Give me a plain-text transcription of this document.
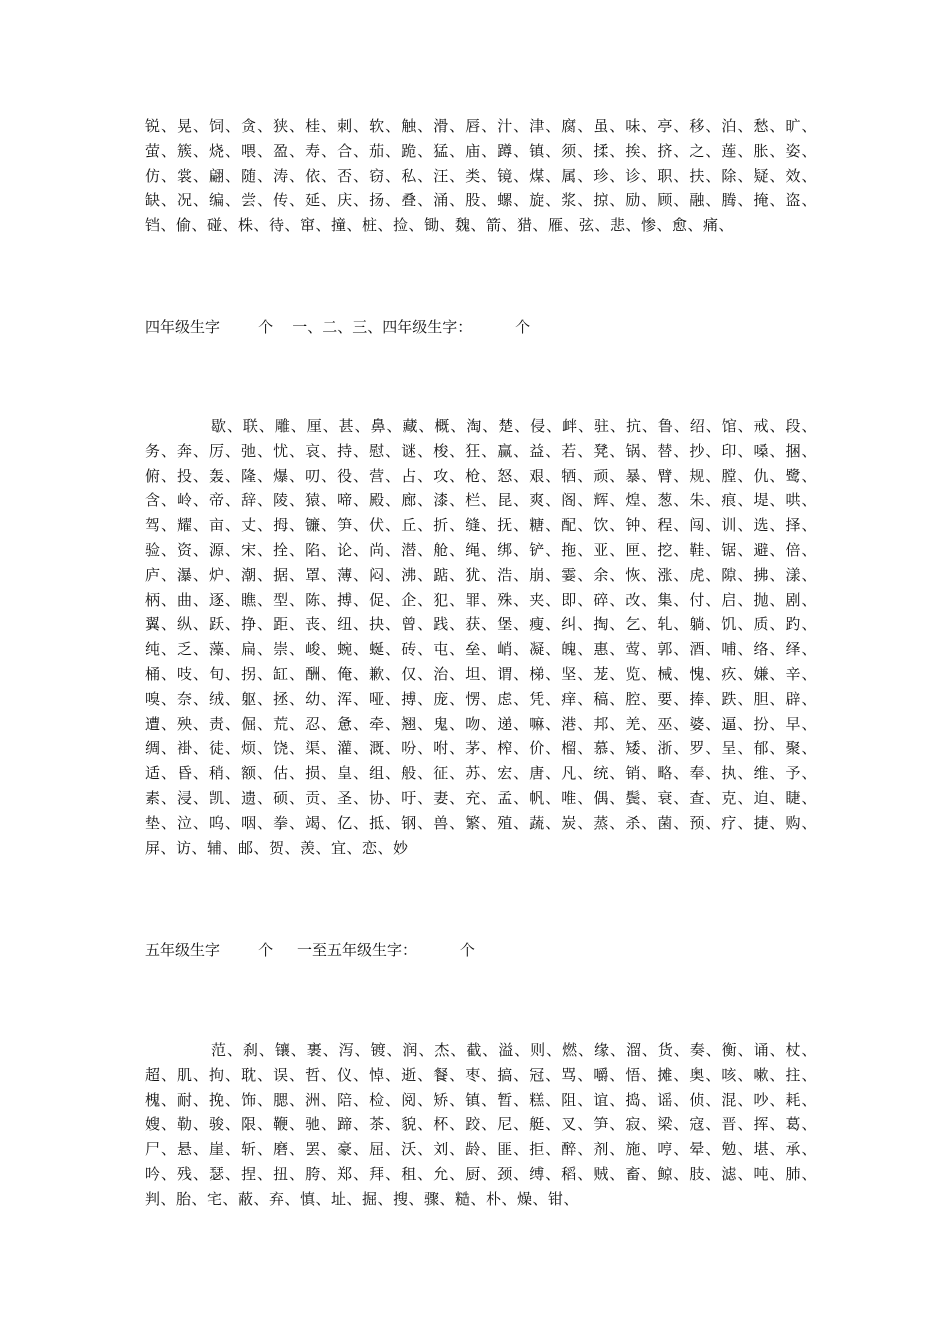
锐、晃、饲、贪、狭、桂、刺、软、触、滑、唇、汁、津、腐、虽、味、亭、移、泊、愁、旷、萤、簇、烧、喂、盈、寿、合、茄、跪、猛、庙、蹲、镇、须、揉、挨、挤、之、莲、胀、姿、仿、裳、翩、随、涛、依、否、窃、私、汪、类、镜、煤、属、珍、诊、职、扶、除、疑、效、缺、况、编、尝、传、延、庆、扬、叠、涌、股、螺、旋、浆、掠、励、顾、融、腾、掩、盗、铛、偷、碰、株、待、窜、撞、桩、捡、锄、魏、箭、猎、雁、弦、悲、惨、愈、痛、

四年级生字        个    一、二、三、四年级生字：         个

歇、联、雕、厘、甚、鼻、藏、概、淘、楚、侵、衅、驻、抗、鲁、绍、馆、戒、段、务、奔、厉、弛、忧、哀、持、慰、谜、梭、狂、赢、益、若、凳、锅、替、抄、印、嗓、捆、俯、投、轰、隆、爆、叨、役、营、占、攻、枪、怒、艰、牺、顽、暴、臂、规、膛、仇、鹭、含、岭、帝、辞、陵、猿、啼、殿、廊、漆、栏、昆、爽、阁、辉、煌、葱、朱、痕、堤、哄、驾、耀、亩、丈、拇、镰、笋、伏、丘、折、缝、抚、糖、配、饮、钟、程、闯、训、选、择、验、资、源、宋、拴、陷、论、尚、潜、舱、绳、绑、铲、拖、亚、匣、挖、鞋、锯、避、倍、庐、瀑、炉、潮、据、罩、薄、闷、沸、踮、犹、浩、崩、霎、余、恢、涨、虎、隙、拂、漾、柄、曲、逐、瞧、型、陈、搏、促、企、犯、罪、殊、夹、即、碎、改、集、付、启、抛、剧、翼、纵、跃、挣、距、丧、纽、抉、曾、践、获、堡、瘦、纠、掏、乞、轧、躺、饥、质、趵、纯、乏、藻、扁、崇、峻、蜿、蜒、砖、屯、垒、峭、凝、魄、惠、莺、郭、酒、哺、络、绎、桶、吱、旬、拐、缸、酬、俺、歉、仅、治、坦、谓、梯、坚、茏、览、械、愧、疚、嫌、辛、嗅、奈、绒、躯、拯、幼、浑、哑、搏、庞、愣、虑、凭、痒、稿、腔、要、捧、跌、胆、辟、遭、殃、责、倔、荒、忍、惫、牵、翘、鬼、吻、递、嘛、港、邦、羌、巫、婆、逼、扮、早、绸、褂、徒、烦、饶、渠、灌、溉、吩、咐、茅、榨、价、榴、慕、矮、浙、罗、呈、郁、聚、适、昏、稍、额、估、损、皇、组、般、征、苏、宏、唐、凡、统、销、略、奉、执、维、予、素、浸、凯、遗、硕、贡、圣、协、吁、妻、充、孟、帆、唯、偶、鬓、衰、查、克、迫、睫、垫、泣、呜、咽、拳、竭、亿、抵、钢、兽、繁、殖、蔬、炭、蒸、杀、菌、预、疗、捷、购、屏、访、辅、邮、贺、羡、宜、恋、妙

五年级生字        个     一至五年级生字：         个

范、刹、镶、裹、泻、镀、润、杰、截、溢、则、燃、缘、溜、货、奏、衡、诵、杖、超、肌、拘、耽、误、哲、仪、悼、逝、餐、枣、搞、冠、骂、嚼、悟、摊、奥、咳、嗽、拄、槐、耐、挽、饰、腮、洲、陪、检、阅、矫、镇、暂、糕、阻、谊、捣、谣、侦、混、吵、耗、嫂、勒、骏、限、鞭、驰、蹄、茶、貌、杯、跤、尼、艇、叉、笋、寂、梁、寇、晋、挥、葛、尸、悬、崖、斩、磨、罢、豪、屈、沃、刘、龄、匪、拒、醉、剂、施、哼、晕、勉、堪、承、吟、残、瑟、捏、扭、胯、郑、拜、租、允、厨、颈、缚、稻、贼、畜、鲸、肢、滤、吨、肺、判、胎、宅、蔽、弃、慎、址、掘、搜、骤、糙、朴、燥、钳、
